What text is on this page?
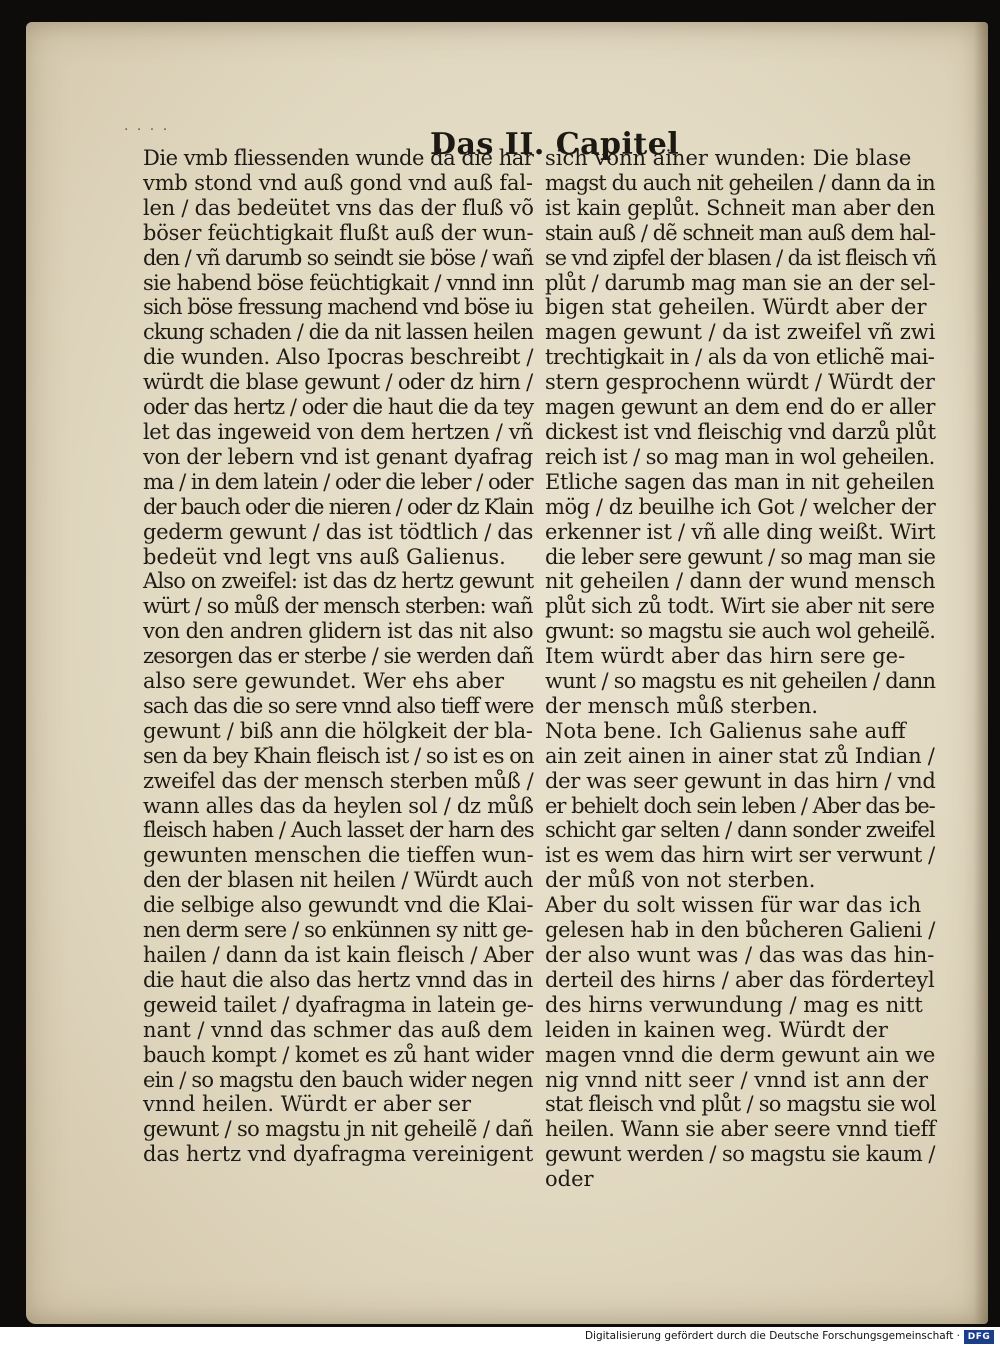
· · · ·	Das II. Capitel
Die vmb fliessenden wunde da die har
vmb stond vnd auß gond vnd auß fal-
len / das bedeütet vns das der fluß võ
böser feüchtigkait flußt auß der wun-
den / vñ darumb so seindt sie böse / wañ
sie habend böse feüchtigkait / vnnd inn
sich böse fressung machend vnd böse iu
ckung schaden / die da nit lassen heilen
die wunden. Also Ipocras beschreibt /
würdt die blase gewunt / oder dz hirn /
oder das hertz / oder die haut die da tey
let das ingeweid von dem hertzen / vñ
von der lebern vnd ist genant dyafrag
ma / in dem latein / oder die leber / oder
der bauch oder die nieren / oder dz Klain
gederm gewunt / das ist tödtlich / das
bedeüt vnd legt vns auß Galienus.
Also on zweifel: ist das dz hertz gewunt
würt / so můß der mensch sterben: wañ
von den andren glidern ist das nit also
zesorgen das er sterbe / sie werden dañ
also sere gewundet. Wer ehs aber
sach das die so sere vnnd also tieff were
gewunt / biß ann die hölgkeit der bla-
sen da bey Khain fleisch ist / so ist es on
zweifel das der mensch sterben můß /
wann alles das da heylen sol / dz můß
fleisch haben / Auch lasset der harn des
gewunten menschen die tieffen wun-
den der blasen nit heilen / Würdt auch
die selbige also gewundt vnd die Klai-
nen derm sere / so enkünnen sy nitt ge-
hailen / dann da ist kain fleisch / Aber
die haut die also das hertz vnnd das in
geweid tailet / dyafragma in latein ge-
nant / vnnd das schmer das auß dem
bauch kompt / komet es zů hant wider
ein / so magstu den bauch wider negen
vnnd heilen. Würdt er aber ser
gewunt / so magstu jn nit geheilẽ / dañ
das hertz vnd dyafragma vereinigent
sich vonn ainer wunden: Die blase
magst du auch nit geheilen / dann da in
ist kain geplůt. Schneit man aber den
stain auß / dẽ schneit man auß dem hal-
se vnd zipfel der blasen / da ist fleisch vñ
plůt / darumb mag man sie an der sel-
bigen stat geheilen. Würdt aber der
magen gewunt / da ist zweifel vñ zwi
trechtigkait in / als da von etlichẽ mai-
stern gesprochenn würdt / Würdt der
magen gewunt an dem end do er aller
dickest ist vnd fleischig vnd darzů plůt
reich ist / so mag man in wol geheilen.
Etliche sagen das man in nit geheilen
mög / dz beuilhe ich Got / welcher der
erkenner ist / vñ alle ding weißt. Wirt
die leber sere gewunt / so mag man sie
nit geheilen / dann der wund mensch
plůt sich zů todt. Wirt sie aber nit sere
gwunt: so magstu sie auch wol geheilẽ.
Item würdt aber das hirn sere ge-
wunt / so magstu es nit geheilen / dann
der mensch můß sterben.
Nota bene. Ich Galienus sahe auff
ain zeit ainen in ainer stat zů Indian /
der was seer gewunt in das hirn / vnd
er behielt doch sein leben / Aber das be-
schicht gar selten / dann sonder zweifel
ist es wem das hirn wirt ser verwunt /
der můß von not sterben.
Aber du solt wissen für war das ich
gelesen hab in den bůcheren Galieni /
der also wunt was / das was das hin-
derteil des hirns / aber das förderteyl
des hirns verwundung / mag es nitt
leiden in kainen weg. Würdt der
magen vnnd die derm gewunt ain we
nig vnnd nitt seer / vnnd ist ann der
stat fleisch vnd plůt / so magstu sie wol
heilen. Wann sie aber seere vnnd tieff
gewunt werden / so magstu sie kaum /
oder
Digitalisierung gefördert durch die Deutsche Forschungsgemeinschaft · DFG
